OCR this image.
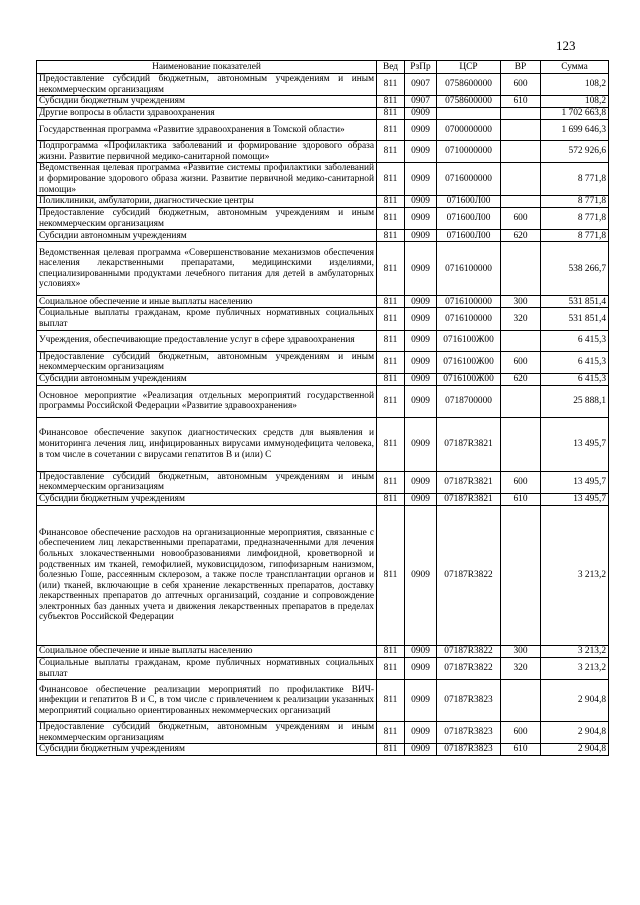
123
Наименование показателей	Вед	РзПр	ЦСР	ВР	Сумма
Предоставление субсидий бюджетным, автономным учреждениям и иным некоммерческим организациям	811	0907	0758600000	600	108,2
Субсидии бюджетным учреждениям	811	0907	0758600000	610	108,2
Другие вопросы в области здравоохранения	811	0909			1 702 663,8
Государственная программа «Развитие здравоохранения в Томской области»	811	0909	0700000000		1 699 646,3
Подпрограмма «Профилактика заболеваний и формирование здорового образа жизни. Развитие первичной медико-санитарной помощи»	811	0909	0710000000		572 926,6
Ведомственная целевая программа «Развитие системы профилактики заболеваний и формирование здорового образа жизни. Развитие первичной медико-санитарной помощи»	811	0909	0716000000		8 771,8
Поликлиники, амбулатории, диагностические центры	811	0909	071600Л00		8 771,8
Предоставление субсидий бюджетным, автономным учреждениям и иным некоммерческим организациям	811	0909	071600Л00	600	8 771,8
Субсидии автономным учреждениям	811	0909	071600Л00	620	8 771,8
Ведомственная целевая программа «Совершенствование механизмов обеспечения населения лекарственными препаратами, медицинскими изделиями, специализированными продуктами лечебного питания для детей в амбулаторных условиях»	811	0909	0716100000		538 266,7
Социальное обеспечение и иные выплаты населению	811	0909	0716100000	300	531 851,4
Социальные выплаты гражданам, кроме публичных нормативных социальных выплат	811	0909	0716100000	320	531 851,4
Учреждения, обеспечивающие предоставление услуг в сфере здравоохранения	811	0909	0716100Ж00		6 415,3
Предоставление субсидий бюджетным, автономным учреждениям и иным некоммерческим организациям	811	0909	0716100Ж00	600	6 415,3
Субсидии автономным учреждениям	811	0909	0716100Ж00	620	6 415,3
Основное мероприятие «Реализация отдельных мероприятий государственной программы Российской Федерации «Развитие здравоохранения»	811	0909	0718700000		25 888,1
Финансовое обеспечение закупок диагностических средств для выявления и мониторинга лечения лиц, инфицированных вирусами иммунодефицита человека, в том числе в сочетании с вирусами гепатитов B и (или) C	811	0909	07187R3821		13 495,7
Предоставление субсидий бюджетным, автономным учреждениям и иным некоммерческим организациям	811	0909	07187R3821	600	13 495,7
Субсидии бюджетным учреждениям	811	0909	07187R3821	610	13 495,7
Финансовое обеспечение расходов на организационные мероприятия, связанные с обеспечением лиц лекарственными препаратами, предназначенными для лечения больных злокачественными новообразованиями лимфоидной, кроветворной и родственных им тканей, гемофилией, муковисцидозом, гипофизарным нанизмом, болезнью Гоше, рассеянным склерозом, а также после трансплантации органов и (или) тканей, включающие в себя хранение лекарственных препаратов, доставку лекарственных препаратов до аптечных организаций, создание и сопровождение электронных баз данных учета и движения лекарственных препаратов в пределах субъектов Российской Федерации	811	0909	07187R3822		3 213,2
Социальное обеспечение и иные выплаты населению	811	0909	07187R3822	300	3 213,2
Социальные выплаты гражданам, кроме публичных нормативных социальных выплат	811	0909	07187R3822	320	3 213,2
Финансовое обеспечение реализации мероприятий по профилактике ВИЧ-инфекции и гепатитов B и C, в том числе с привлечением к реализации указанных мероприятий социально ориентированных некоммерческих организаций	811	0909	07187R3823		2 904,8
Предоставление субсидий бюджетным, автономным учреждениям и иным некоммерческим организациям	811	0909	07187R3823	600	2 904,8
Субсидии бюджетным учреждениям	811	0909	07187R3823	610	2 904,8
